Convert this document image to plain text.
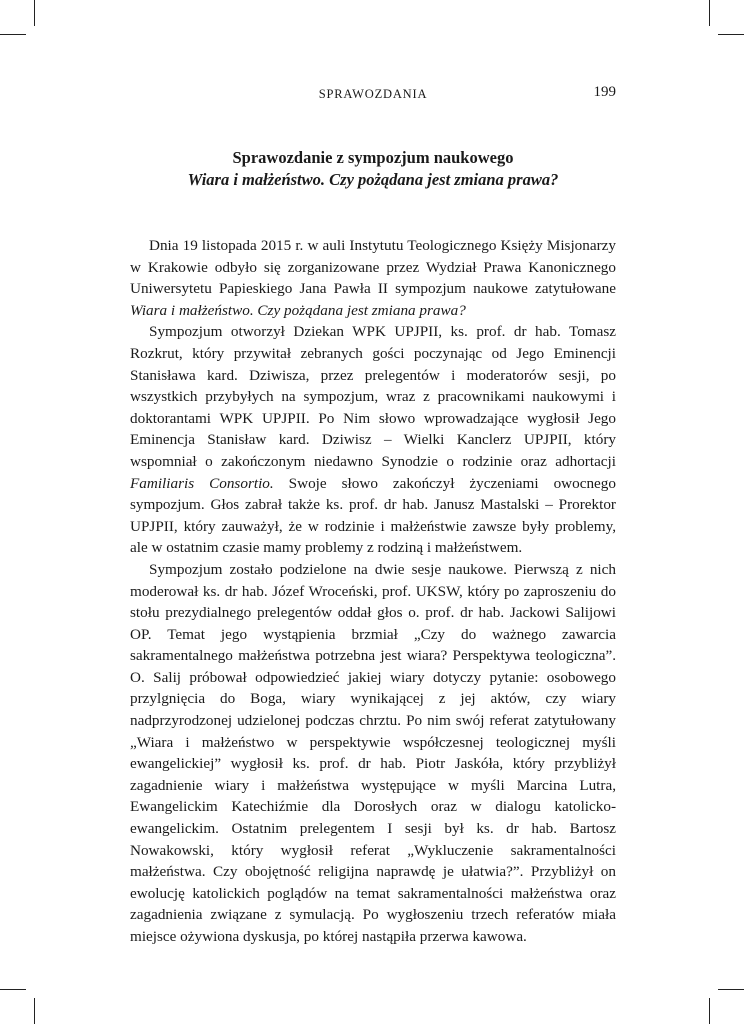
SPRAWOZDANIA	199

Sprawozdanie z sympozjum naukowego

Wiara i małżeństwo. Czy pożądana jest zmiana prawa?

Dnia 19 listopada 2015 r. w auli Instytutu Teologicznego Księży Misjonarzy w Krakowie odbyło się zorganizowane przez Wydział Prawa Kanonicznego Uniwersytetu Papieskiego Jana Pawła II sympozjum naukowe zatytułowane Wiara i małżeństwo. Czy pożądana jest zmiana prawa?

Sympozjum otworzył Dziekan WPK UPJPII, ks. prof. dr hab. Tomasz Rozkrut, który przywitał zebranych gości poczynając od Jego Eminencji Stanisława kard. Dziwisza, przez prelegentów i moderatorów sesji, po wszystkich przybyłych na sympozjum, wraz z pracownikami naukowymi i doktorantami WPK UPJPII. Po Nim słowo wprowadzające wygłosił Jego Eminencja Stanisław kard. Dziwisz – Wielki Kanclerz UPJPII, który wspomniał o zakończonym niedawno Synodzie o rodzinie oraz adhortacji Familiaris Consortio. Swoje słowo zakończył życzeniami owocnego sympozjum. Głos zabrał także ks. prof. dr hab. Janusz Mastalski – Prorektor UPJPII, który zauważył, że w rodzinie i małżeństwie zawsze były problemy, ale w ostatnim czasie mamy problemy z rodziną i małżeństwem.

Sympozjum zostało podzielone na dwie sesje naukowe. Pierwszą z nich moderował ks. dr hab. Józef Wroceński, prof. UKSW, który po zaproszeniu do stołu prezydialnego prelegentów oddał głos o. prof. dr hab. Jackowi Salijowi OP. Temat jego wystąpienia brzmiał „Czy do ważnego zawarcia sakramentalnego małżeństwa potrzebna jest wiara? Perspektywa teologiczna”. O. Salij próbował odpowiedzieć jakiej wiary dotyczy pytanie: osobowego przylgnięcia do Boga, wiary wynikającej z jej aktów, czy wiary nadprzyrodzonej udzielonej podczas chrztu. Po nim swój referat zatytułowany „Wiara i małżeństwo w perspektywie współczesnej teologicznej myśli ewangelickiej” wygłosił ks. prof. dr hab. Piotr Jaskóła, który przybliżył zagadnienie wiary i małżeństwa występujące w myśli Marcina Lutra, Ewangelickim Katechiźmie dla Dorosłych oraz w dialogu katolicko-ewangelickim. Ostatnim prelegentem I sesji był ks. dr hab. Bartosz Nowakowski, który wygłosił referat „Wykluczenie sakramentalności małżeństwa. Czy obojętność religijna naprawdę je ułatwia?”. Przybliżył on ewolucję katolickich poglądów na temat sakramentalności małżeństwa oraz zagadnienia związane z symulacją. Po wygłoszeniu trzech referatów miała miejsce ożywiona dyskusja, po której nastąpiła przerwa kawowa.
